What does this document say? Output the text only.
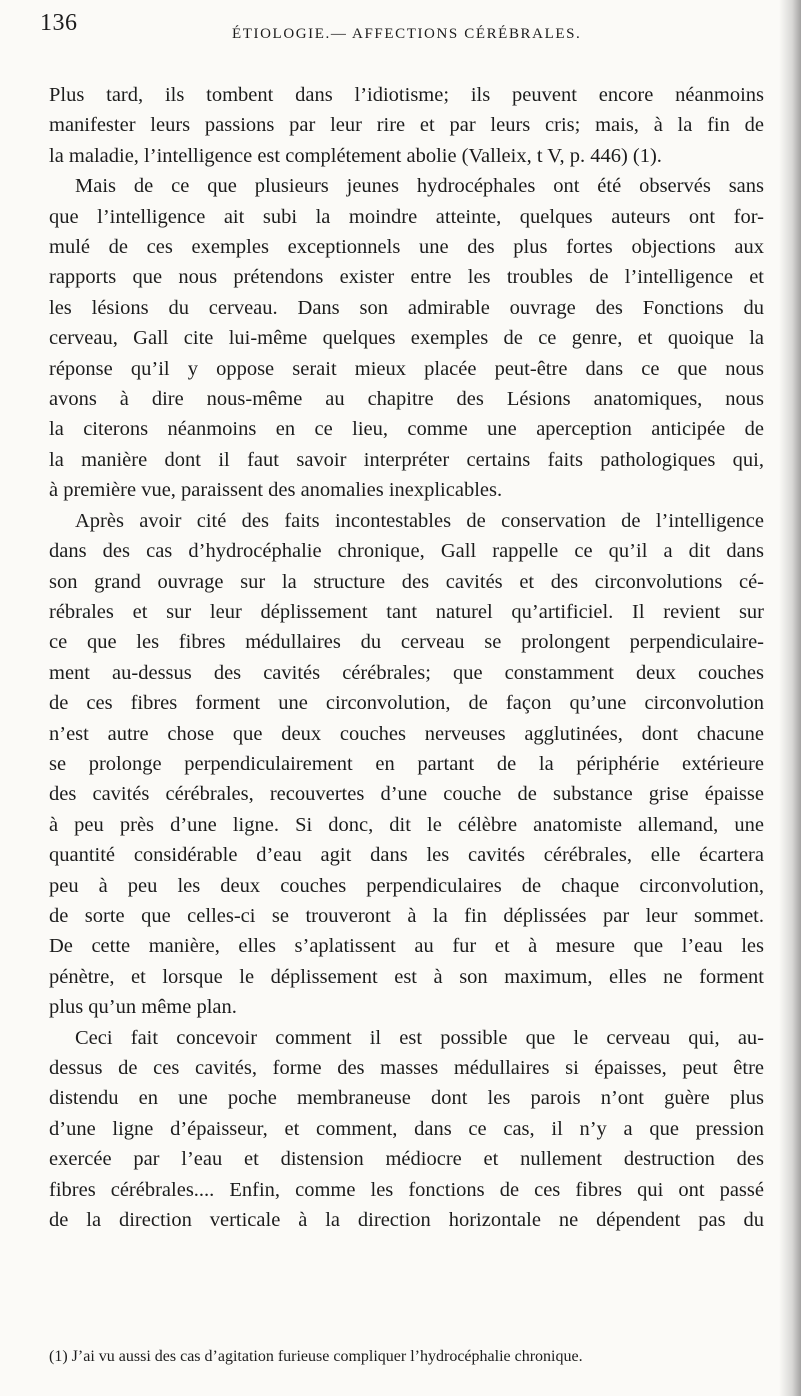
136	ÉTIOLOGIE.— AFFECTIONS CÉRÉBRALES.
Plus tard, ils tombent dans l’idiotisme; ils peuvent encore néanmoins
manifester leurs passions par leur rire et par leurs cris; mais, à la fin de
la maladie, l’intelligence est complétement abolie (Valleix, t V, p. 446) (1).
Mais de ce que plusieurs jeunes hydrocéphales ont été observés sans
que l’intelligence ait subi la moindre atteinte, quelques auteurs ont for-
mulé de ces exemples exceptionnels une des plus fortes objections aux
rapports que nous prétendons exister entre les troubles de l’intelligence et
les lésions du cerveau. Dans son admirable ouvrage des Fonctions du
cerveau, Gall cite lui-même quelques exemples de ce genre, et quoique la
réponse qu’il y oppose serait mieux placée peut-être dans ce que nous
avons à dire nous-même au chapitre des Lésions anatomiques, nous
la citerons néanmoins en ce lieu, comme une aperception anticipée de
la manière dont il faut savoir interpréter certains faits pathologiques qui,
à première vue, paraissent des anomalies inexplicables.
Après avoir cité des faits incontestables de conservation de l’intelligence
dans des cas d’hydrocéphalie chronique, Gall rappelle ce qu’il a dit dans
son grand ouvrage sur la structure des cavités et des circonvolutions cé-
rébrales et sur leur déplissement tant naturel qu’artificiel. Il revient sur
ce que les fibres médullaires du cerveau se prolongent perpendiculaire-
ment au-dessus des cavités cérébrales; que constamment deux couches
de ces fibres forment une circonvolution, de façon qu’une circonvolution
n’est autre chose que deux couches nerveuses agglutinées, dont chacune
se prolonge perpendiculairement en partant de la périphérie extérieure
des cavités cérébrales, recouvertes d’une couche de substance grise épaisse
à peu près d’une ligne. Si donc, dit le célèbre anatomiste allemand, une
quantité considérable d’eau agit dans les cavités cérébrales, elle écartera
peu à peu les deux couches perpendiculaires de chaque circonvolution,
de sorte que celles-ci se trouveront à la fin déplissées par leur sommet.
De cette manière, elles s’aplatissent au fur et à mesure que l’eau les
pénètre, et lorsque le déplissement est à son maximum, elles ne forment
plus qu’un même plan.
Ceci fait concevoir comment il est possible que le cerveau qui, au-
dessus de ces cavités, forme des masses médullaires si épaisses, peut être
distendu en une poche membraneuse dont les parois n’ont guère plus
d’une ligne d’épaisseur, et comment, dans ce cas, il n’y a que pression
exercée par l’eau et distension médiocre et nullement destruction des
fibres cérébrales.... Enfin, comme les fonctions de ces fibres qui ont passé
de la direction verticale à la direction horizontale ne dépendent pas du
(1) J’ai vu aussi des cas d’agitation furieuse compliquer l’hydrocéphalie chronique.
